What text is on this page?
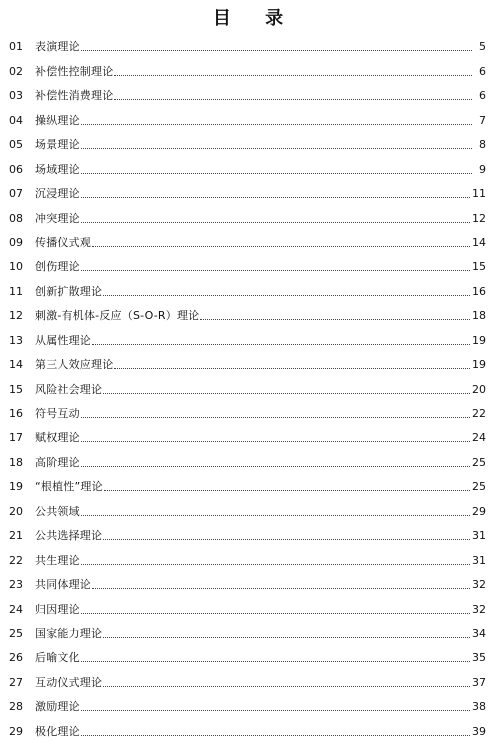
目 录
01	表演理论	5
02	补偿性控制理论	6
03	补偿性消费理论	6
04	操纵理论	7
05	场景理论	8
06	场域理论	9
07	沉浸理论	11
08	冲突理论	12
09	传播仪式观	14
10	创伤理论	15
11	创新扩散理论	16
12	刺激-有机体-反应（S-O-R）理论	18
13	从属性理论	19
14	第三人效应理论	19
15	风险社会理论	20
16	符号互动	22
17	赋权理论	24
18	高阶理论	25
19	“根植性”理论	25
20	公共领域	29
21	公共选择理论	31
22	共生理论	31
23	共同体理论	32
24	归因理论	32
25	国家能力理论	34
26	后喻文化	35
27	互动仪式理论	37
28	激励理论	38
29	极化理论	39
